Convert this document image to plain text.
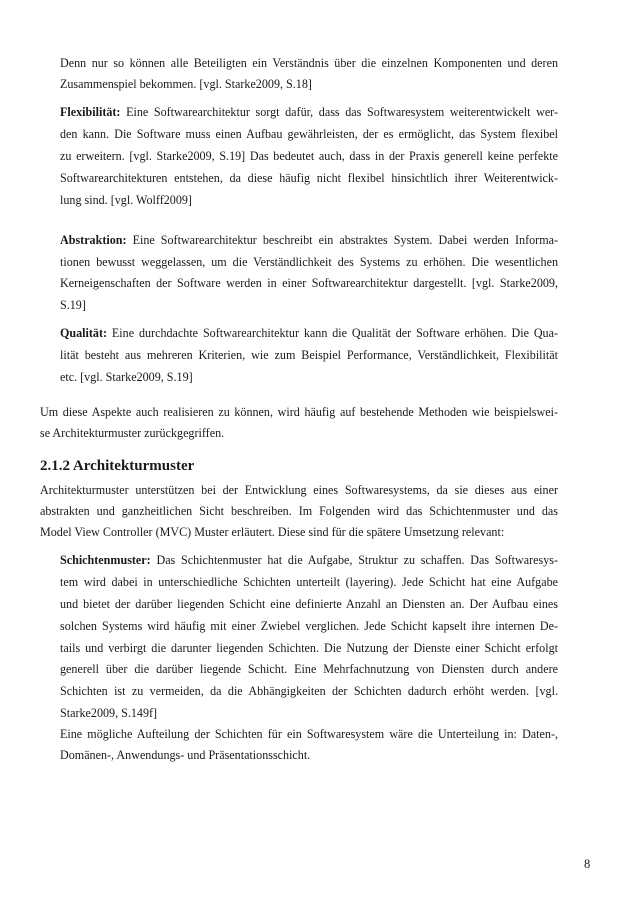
Denn nur so können alle Beteiligten ein Verständnis über die einzelnen Komponenten und deren
Zusammenspiel bekommen. [vgl. Starke2009, S.18]
Flexibilität: Eine Softwarearchitektur sorgt dafür, dass das Softwaresystem weiterentwickelt wer-
den kann. Die Software muss einen Aufbau gewährleisten, der es ermöglicht, das System flexibel
zu erweitern. [vgl. Starke2009, S.19] Das bedeutet auch, dass in der Praxis generell keine perfekte
Softwarearchitekturen entstehen, da diese häufig nicht flexibel hinsichtlich ihrer Weiterentwick-
lung sind. [vgl. Wolff2009]
Abstraktion: Eine Softwarearchitektur beschreibt ein abstraktes System. Dabei werden Informa-
tionen bewusst weggelassen, um die Verständlichkeit des Systems zu erhöhen. Die wesentlichen
Kerneigenschaften der Software werden in einer Softwarearchitektur dargestellt. [vgl. Starke2009,
S.19]
Qualität: Eine durchdachte Softwarearchitektur kann die Qualität der Software erhöhen. Die Qua-
lität besteht aus mehreren Kriterien, wie zum Beispiel Performance, Verständlichkeit, Flexibilität
etc. [vgl. Starke2009, S.19]
Um diese Aspekte auch realisieren zu können, wird häufig auf bestehende Methoden wie beispielswei-
se Architekturmuster zurückgegriffen.
2.1.2 Architekturmuster
Architekturmuster unterstützen bei der Entwicklung eines Softwaresystems, da sie dieses aus einer
abstrakten und ganzheitlichen Sicht beschreiben. Im Folgenden wird das Schichtenmuster und das
Model View Controller (MVC) Muster erläutert. Diese sind für die spätere Umsetzung relevant:
Schichtenmuster: Das Schichtenmuster hat die Aufgabe, Struktur zu schaffen. Das Softwaresys-
tem wird dabei in unterschiedliche Schichten unterteilt (layering). Jede Schicht hat eine Aufgabe
und bietet der darüber liegenden Schicht eine definierte Anzahl an Diensten an. Der Aufbau eines
solchen Systems wird häufig mit einer Zwiebel verglichen. Jede Schicht kapselt ihre internen De-
tails und verbirgt die darunter liegenden Schichten. Die Nutzung der Dienste einer Schicht erfolgt
generell über die darüber liegende Schicht. Eine Mehrfachnutzung von Diensten durch andere
Schichten ist zu vermeiden, da die Abhängigkeiten der Schichten dadurch erhöht werden. [vgl.
Starke2009, S.149f]
Eine mögliche Aufteilung der Schichten für ein Softwaresystem wäre die Unterteilung in: Daten-,
Domänen-, Anwendungs- und Präsentationsschicht.
8
